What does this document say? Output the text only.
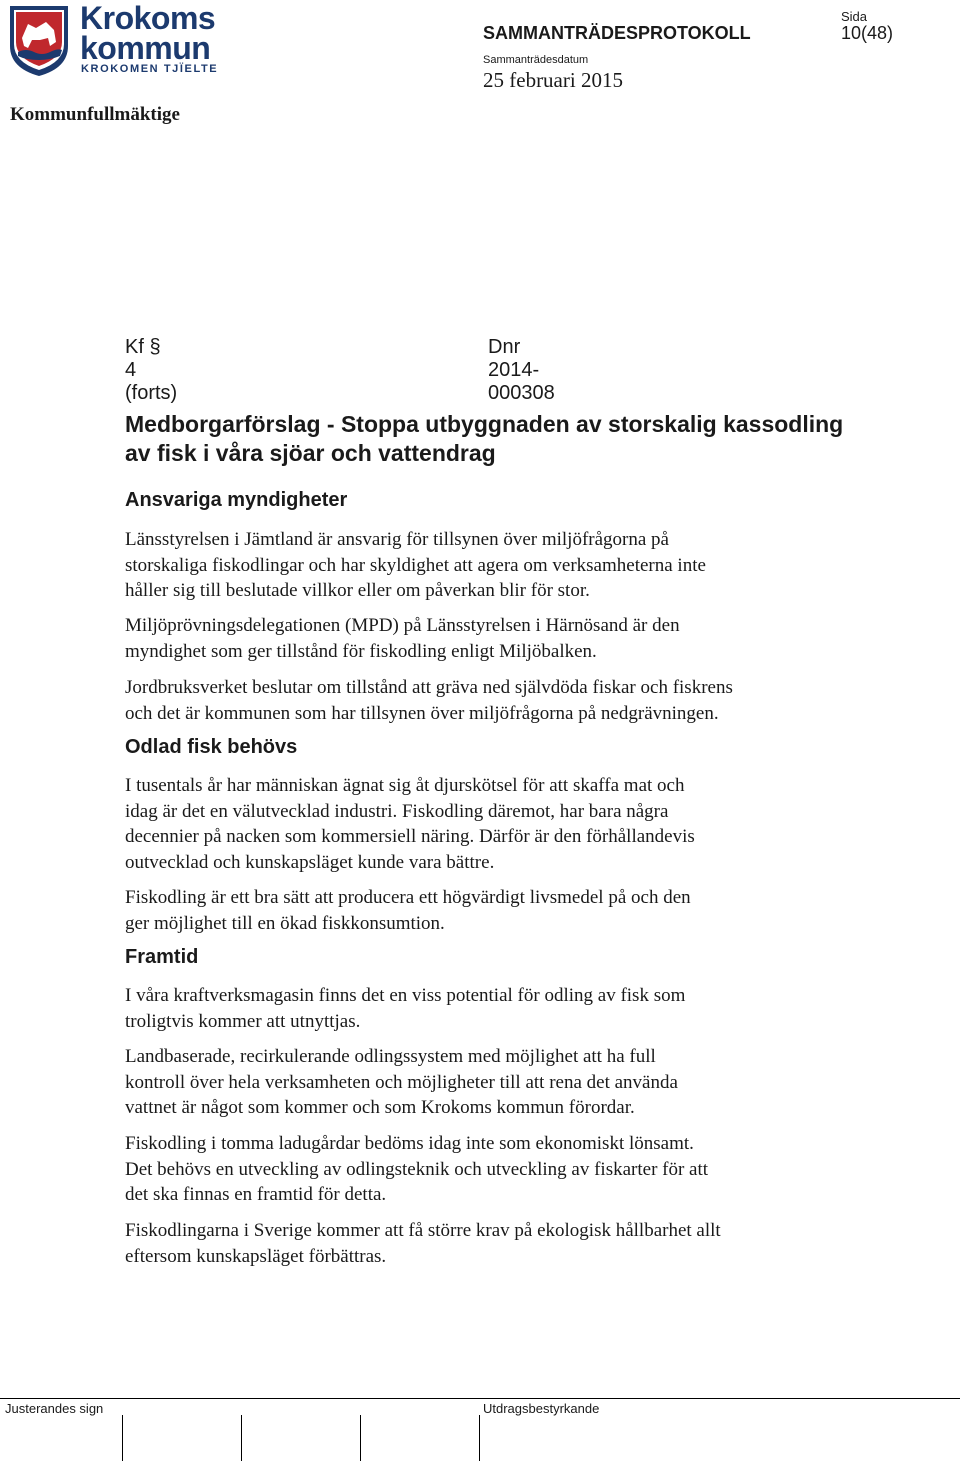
Krokoms
kommun
KROKOMEN TJÏELTE
SAMMANTRÄDESPROTOKOLL
Sammanträdesdatum
25 februari 2015
Sida
10(48)
Kommunfullmäktige
Kf § 4 (forts)
Dnr 2014-000308
Medborgarförslag - Stoppa utbyggnaden av storskalig kassodling av fisk i våra sjöar och vattendrag
Ansvariga myndigheter
Länsstyrelsen i Jämtland är ansvarig för tillsynen över miljöfrågorna på
storskaliga fiskodlingar och har skyldighet att agera om verksamheterna inte
håller sig till beslutade villkor eller om påverkan blir för stor.
Miljöprövningsdelegationen (MPD) på Länsstyrelsen i Härnösand är den
myndighet som ger tillstånd för fiskodling enligt Miljöbalken.
Jordbruksverket beslutar om tillstånd att gräva ned självdöda fiskar och fiskrens
och det är kommunen som har tillsynen över miljöfrågorna på nedgrävningen.
Odlad fisk behövs
I tusentals år har människan ägnat sig åt djurskötsel för att skaffa mat och
idag är det en välutvecklad industri. Fiskodling däremot, har bara några
decennier på nacken som kommersiell näring. Därför är den förhållandevis
outvecklad och kunskapsläget kunde vara bättre.
Fiskodling är ett bra sätt att producera ett högvärdigt livsmedel på och den
ger möjlighet till en ökad fiskkonsumtion.
Framtid
I våra kraftverksmagasin finns det en viss potential för odling av fisk som
troligtvis kommer att utnyttjas.
Landbaserade, recirkulerande odlingssystem med möjlighet att ha full
kontroll över hela verksamheten och möjligheter till att rena det använda
vattnet är något som kommer och som Krokoms kommun förordar.
Fiskodling i tomma ladugårdar bedöms idag inte som ekonomiskt lönsamt.
Det behövs en utveckling av odlingsteknik och utveckling av fiskarter för att
det ska finnas en framtid för detta.
Fiskodlingarna i Sverige kommer att få större krav på ekologisk hållbarhet allt
eftersom kunskapsläget förbättras.
Justerandes sign	Utdragsbestyrkande
